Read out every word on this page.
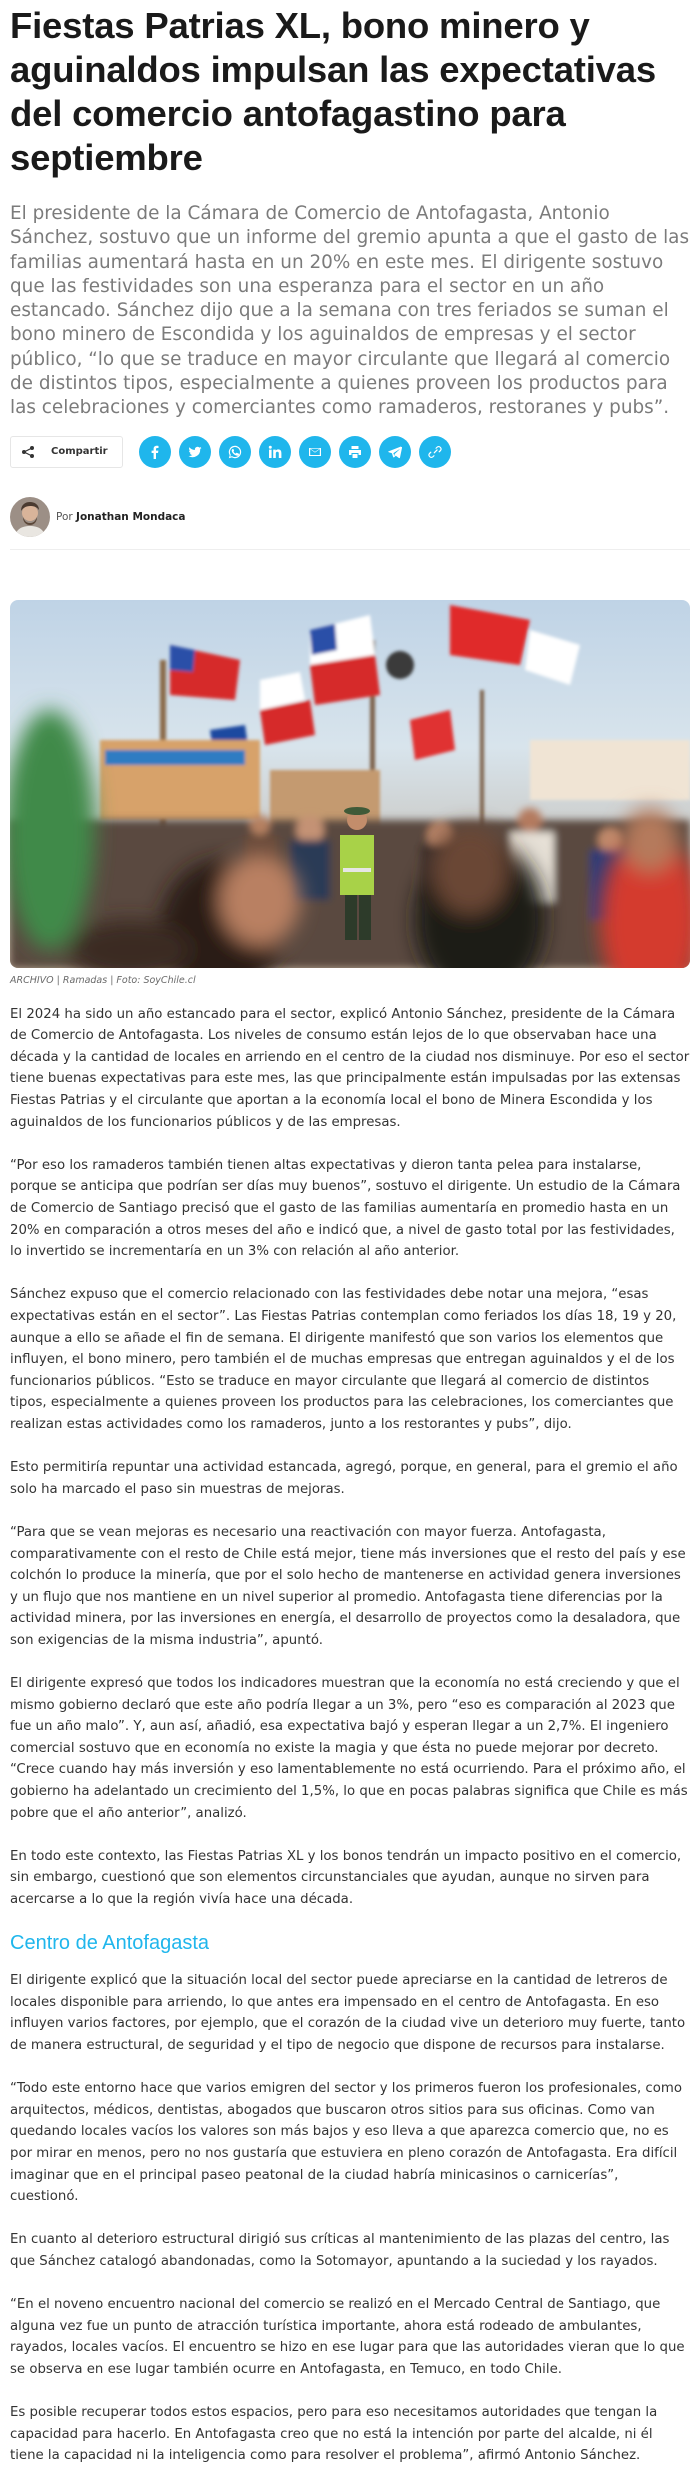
Fiestas Patrias XL, bono minero y aguinaldos impulsan las expectativas del comercio antofagastino para septiembre

El presidente de la Cámara de Comercio de Antofagasta, Antonio Sánchez, sostuvo que un informe del gremio apunta a que el gasto de las familias aumentará hasta en un 20% en este mes. El dirigente sostuvo que las festividades son una esperanza para el sector en un año estancado. Sánchez dijo que a la semana con tres feriados se suman el bono minero de Escondida y los aguinaldos de empresas y el sector público, “lo que se traduce en mayor circulante que llegará al comercio de distintos tipos, especialmente a quienes proveen los productos para las celebraciones y comerciantes como ramaderos, restoranes y pubs”.

Compartir
Por Jonathan Mondaca

ARCHIVO | Ramadas | Foto: SoyChile.cl

El 2024 ha sido un año estancado para el sector, explicó Antonio Sánchez, presidente de la Cámara de Comercio de Antofagasta. Los niveles de consumo están lejos de lo que observaban hace una década y la cantidad de locales en arriendo en el centro de la ciudad nos disminuye. Por eso el sector tiene buenas expectativas para este mes, las que principalmente están impulsadas por las extensas Fiestas Patrias y el circulante que aportan a la economía local el bono de Minera Escondida y los aguinaldos de los funcionarios públicos y de las empresas.

“Por eso los ramaderos también tienen altas expectativas y dieron tanta pelea para instalarse, porque se anticipa que podrían ser días muy buenos”, sostuvo el dirigente. Un estudio de la Cámara de Comercio de Santiago precisó que el gasto de las familias aumentaría en promedio hasta en un 20% en comparación a otros meses del año e indicó que, a nivel de gasto total por las festividades, lo invertido se incrementaría en un 3% con relación al año anterior.

Sánchez expuso que el comercio relacionado con las festividades debe notar una mejora, “esas expectativas están en el sector”. Las Fiestas Patrias contemplan como feriados los días 18, 19 y 20, aunque a ello se añade el fin de semana. El dirigente manifestó que son varios los elementos que influyen, el bono minero, pero también el de muchas empresas que entregan aguinaldos y el de los funcionarios públicos. “Esto se traduce en mayor circulante que llegará al comercio de distintos tipos, especialmente a quienes proveen los productos para las celebraciones, los comerciantes que realizan estas actividades como los ramaderos, junto a los restorantes y pubs”, dijo.

Esto permitiría repuntar una actividad estancada, agregó, porque, en general, para el gremio el año solo ha marcado el paso sin muestras de mejoras.

“Para que se vean mejoras es necesario una reactivación con mayor fuerza. Antofagasta, comparativamente con el resto de Chile está mejor, tiene más inversiones que el resto del país y ese colchón lo produce la minería, que por el solo hecho de mantenerse en actividad genera inversiones y un flujo que nos mantiene en un nivel superior al promedio. Antofagasta tiene diferencias por la actividad minera, por las inversiones en energía, el desarrollo de proyectos como la desaladora, que son exigencias de la misma industria”, apuntó.

El dirigente expresó que todos los indicadores muestran que la economía no está creciendo y que el mismo gobierno declaró que este año podría llegar a un 3%, pero “eso es comparación al 2023 que fue un año malo”. Y, aun así, añadió, esa expectativa bajó y esperan llegar a un 2,7%. El ingeniero comercial sostuvo que en economía no existe la magia y que ésta no puede mejorar por decreto. “Crece cuando hay más inversión y eso lamentablemente no está ocurriendo. Para el próximo año, el gobierno ha adelantado un crecimiento del 1,5%, lo que en pocas palabras significa que Chile es más pobre que el año anterior”, analizó.

En todo este contexto, las Fiestas Patrias XL y los bonos tendrán un impacto positivo en el comercio, sin embargo, cuestionó que son elementos circunstanciales que ayudan, aunque no sirven para acercarse a lo que la región vivía hace una década.

Centro de Antofagasta

El dirigente explicó que la situación local del sector puede apreciarse en la cantidad de letreros de locales disponible para arriendo, lo que antes era impensado en el centro de Antofagasta. En eso influyen varios factores, por ejemplo, que el corazón de la ciudad vive un deterioro muy fuerte, tanto de manera estructural, de seguridad y el tipo de negocio que dispone de recursos para instalarse.

“Todo este entorno hace que varios emigren del sector y los primeros fueron los profesionales, como arquitectos, médicos, dentistas, abogados que buscaron otros sitios para sus oficinas. Como van quedando locales vacíos los valores son más bajos y eso lleva a que aparezca comercio que, no es por mirar en menos, pero no nos gustaría que estuviera en pleno corazón de Antofagasta. Era difícil imaginar que en el principal paseo peatonal de la ciudad habría minicasinos o carnicerías”, cuestionó.

En cuanto al deterioro estructural dirigió sus críticas al mantenimiento de las plazas del centro, las que Sánchez catalogó abandonadas, como la Sotomayor, apuntando a la suciedad y los rayados.

“En el noveno encuentro nacional del comercio se realizó en el Mercado Central de Santiago, que alguna vez fue un punto de atracción turística importante, ahora está rodeado de ambulantes, rayados, locales vacíos. El encuentro se hizo en ese lugar para que las autoridades vieran que lo que se observa en ese lugar también ocurre en Antofagasta, en Temuco, en todo Chile.

Es posible recuperar todos estos espacios, pero para eso necesitamos autoridades que tengan la capacidad para hacerlo. En Antofagasta creo que no está la intención por parte del alcalde, ni él tiene la capacidad ni la inteligencia como para resolver el problema”, afirmó Antonio Sánchez.
